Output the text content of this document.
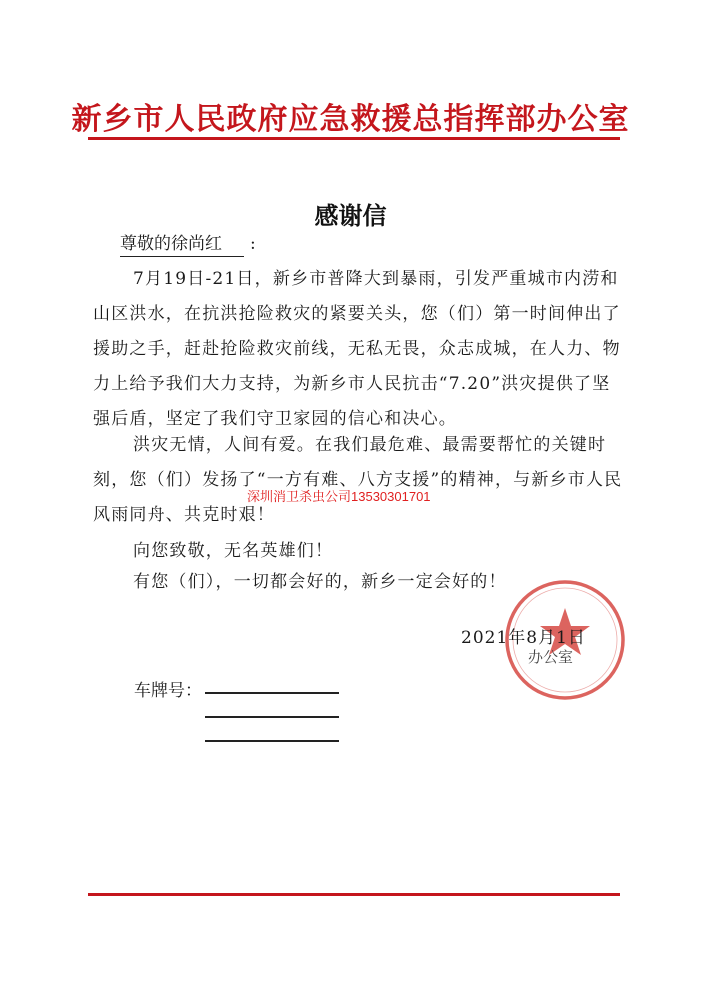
新乡市人民政府应急救援总指挥部办公室
感谢信
尊敬的徐尚红 :
7月19日-21日，新乡市普降大到暴雨，引发严重城市内涝和山区洪水，在抗洪抢险救灾的紧要关头，您（们）第一时间伸出了援助之手，赶赴抢险救灾前线，无私无畏，众志成城，在人力、物力上给予我们大力支持，为新乡市人民抗击“7.20”洪灾提供了坚强后盾，坚定了我们守卫家园的信心和决心。
洪灾无情，人间有爱。在我们最危难、最需要帮忙的关键时刻，您（们）发扬了“一方有难、八方支援”的精神，与新乡市人民风雨同舟、共克时艰！
向您致敬，无名英雄们！
有您（们），一切都会好的，新乡一定会好的！
深圳消卫杀虫公司13530301701
2021年8月1日
办公室
车牌号：
